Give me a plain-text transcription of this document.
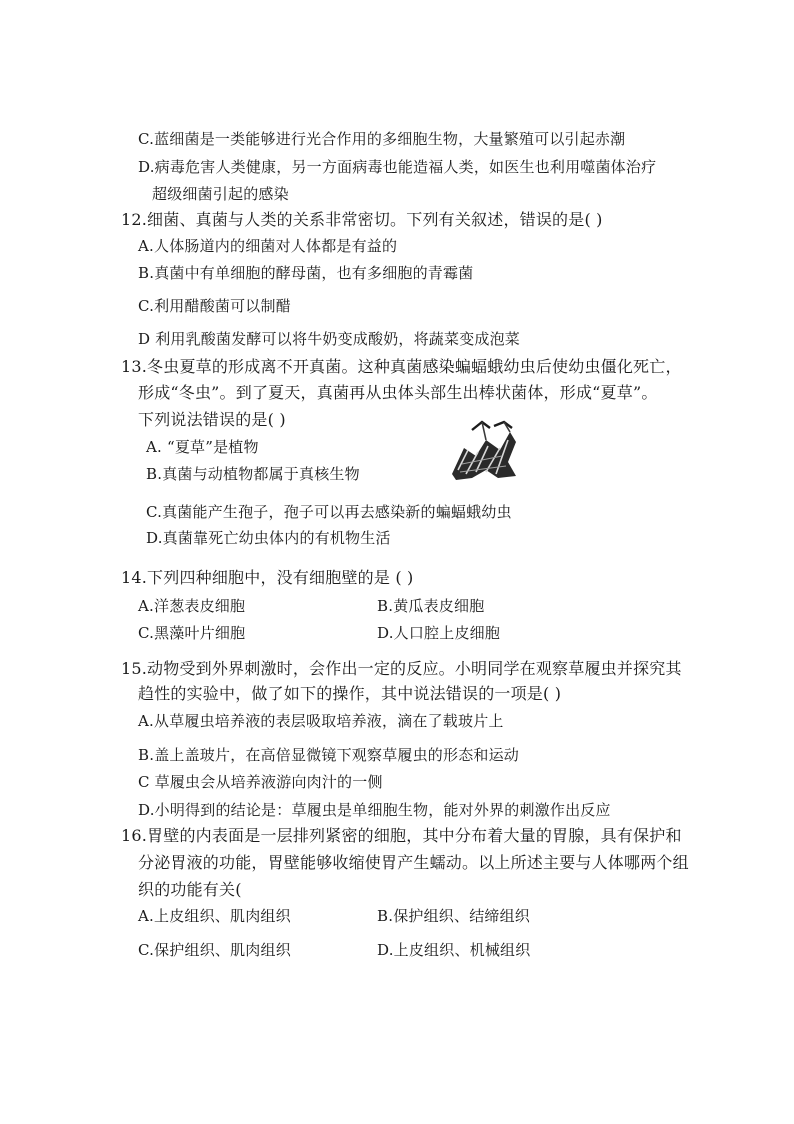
C.蓝细菌是一类能够进行光合作用的多细胞生物，大量繁殖可以引起赤潮
D.病毒危害人类健康，另一方面病毒也能造福人类，如医生也利用噬菌体治疗
超级细菌引起的感染
12.细菌、真菌与人类的关系非常密切。下列有关叙述，错误的是( )
A.人体肠道内的细菌对人体都是有益的
B.真菌中有单细胞的酵母菌，也有多细胞的青霉菌
C.利用醋酸菌可以制醋
D 利用乳酸菌发酵可以将牛奶变成酸奶，将蔬菜变成泡菜
13.冬虫夏草的形成离不开真菌。这种真菌感染蝙蝠蛾幼虫后使幼虫僵化死亡，
形成“冬虫”。到了夏天，真菌再从虫体头部生出棒状菌体，形成“夏草”。
下列说法错误的是( )
A. “夏草”是植物
B.真菌与动植物都属于真核生物
C.真菌能产生孢子，孢子可以再去感染新的蝙蝠蛾幼虫
D.真菌靠死亡幼虫体内的有机物生活
14.下列四种细胞中，没有细胞壁的是 ( )
A.洋葱表皮细胞	B.黄瓜表皮细胞
C.黑藻叶片细胞	D.人口腔上皮细胞
15.动物受到外界刺激时，会作出一定的反应。小明同学在观察草履虫并探究其
趋性的实验中，做了如下的操作，其中说法错误的一项是( )
A.从草履虫培养液的表层吸取培养液，滴在了载玻片上
B.盖上盖玻片，在高倍显微镜下观察草履虫的形态和运动
C 草履虫会从培养液游向肉汁的一侧
D.小明得到的结论是：草履虫是单细胞生物，能对外界的刺激作出反应
16.胃壁的内表面是一层排列紧密的细胞，其中分布着大量的胃腺，具有保护和
分泌胃液的功能，胃壁能够收缩使胃产生蠕动。以上所述主要与人体哪两个组
织的功能有关(
A.上皮组织、肌肉组织	B.保护组织、结缔组织
C.保护组织、肌肉组织	D.上皮组织、机械组织
